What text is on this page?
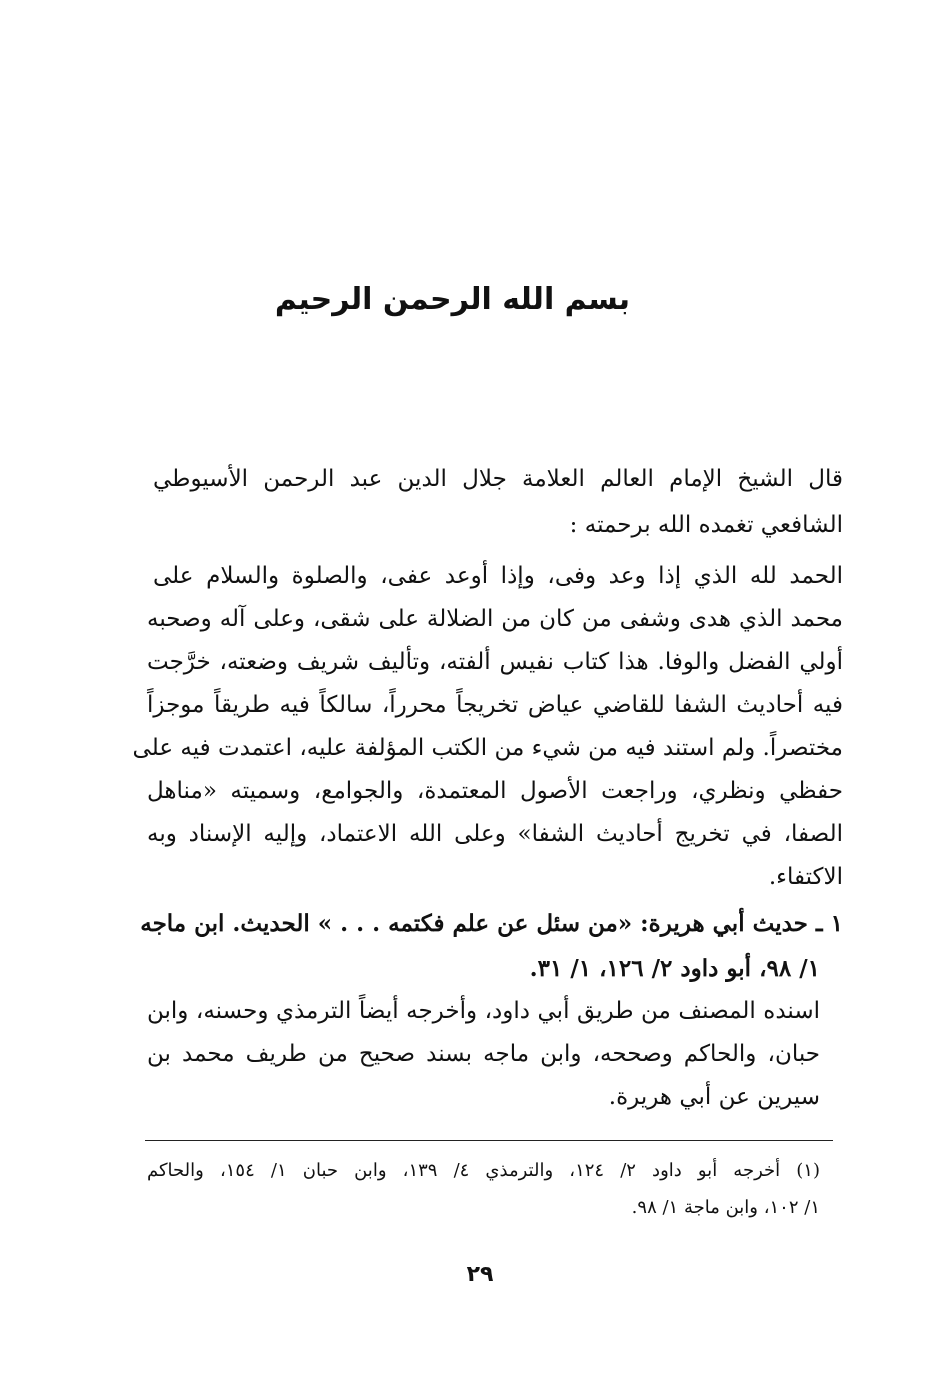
بسم الله الرحمن الرحيم
قال الشيخ الإمام العالم العلامة جلال الدين عبد الرحمن الأسيوطي
الشافعي تغمده الله برحمته :
الحمد لله الذي إذا وعد وفى، وإذا أوعد عفى، والصلوة والسلام على
محمد الذي هدى وشفى من كان من الضلالة على شقى، وعلى آله وصحبه
أولي الفضل والوفا. هذا كتاب نفيس ألفته، وتأليف شريف وضعته، خرَّجت
فيه أحاديث الشفا للقاضي عياض تخريجاً محرراً، سالكاً فيه طريقاً موجزاً
مختصراً. ولم استند فيه من شيء من الكتب المؤلفة عليه، اعتمدت فيه على
حفظي ونظري، وراجعت الأصول المعتمدة، والجوامع، وسميته «مناهل
الصفا، في تخريج أحاديث الشفا» وعلى الله الاعتماد، وإليه الإسناد وبه
الاكتفاء.
١ ـ حديث أبي هريرة: «من سئل عن علم فكتمه . . . » الحديث. ابن ماجه
١/ ٩٨، أبو داود ٢/ ١٢٦، ١/ ٣١.
اسنده المصنف من طريق أبي داود، وأخرجه أيضاً الترمذي وحسنه، وابن
حبان، والحاكم وصححه، وابن ماجه بسند صحيح من طريف محمد بن
سيرين عن أبي هريرة.
(١) أخرجه أبو داود ٢/ ١٢٤، والترمذي ٤/ ١٣٩، وابن حبان ١/ ١٥٤، والحاكم
١/ ١٠٢، وابن ماجة ١/ ٩٨.
٢٩
